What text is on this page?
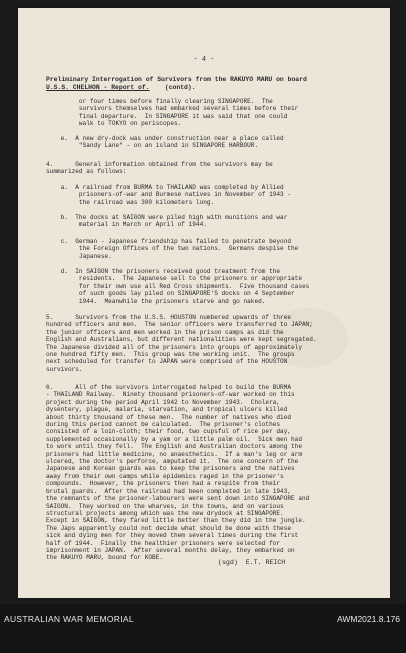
- 4 -
Preliminary Interrogation of Survivors from the RAKUYO MARU on board
U.S.S. CHELHON - Report of.    (contd).
or four times before finally clearing SINGAPORE.  The
survivors themselves had embarked several times before their
final departure.  In SINGAPORE it was said that one could
walk to TOKYO on periscopes.
e.  A new dry-dock was under construction near a place called
"Sandy Lane" - on an island in SINGAPORE HARBOUR.
4.      General information obtained from the survivors may be
summarized as follows:
a.  A railroad from BURMA to THAILAND was completed by Allied
prisoners-of-war and Burmese natives in November of 1943 -
the railroad was 300 kilometers long.
b.  The docks at SAIGON were piled high with munitions and war
material in March or April of 1944.
c.  German - Japanese friendship has failed to penetrate beyond
the Foreign Offices of the two nations.  Germans despise the
Japanese.
d.  In SAIGON the prisoners received good treatment from the
residents.  The Japanese sell to the prisoners or appropriate
for their own use all Red Cross shipments.  Five thousand cases
of such goods lay piled on SINGAPORE'S docks on 4 September
1944.  Meanwhile the prisoners starve and go naked.
5.      Survivors from the U.S.S. HOUSTON numbered upwards of three
hundred officers and men.  The senior officers were transferred to JAPAN;
the junior officers and men worked in the prison camps as did the
English and Australians, but different nationalities were kept segregated.
The Japanese divided all of the prisoners into groups of approximately
one hundred fifty men.  This group was the working unit.  The groups
next scheduled for transfer to JAPAN were comprised of the HOUSTON
survivors.
6.      All of the survivors interrogated helped to build the BURMA
- THAILAND Railway.  Ninety thousand prisoners-of-war worked on this
project during the period April 1942 to November 1943.  Cholera,
dysentery, plague, malaria, starvation, and tropical ulcers killed
about thirty thousand of these men.  The number of natives who died
during this period cannot be calculated.  The prisoner's clothes
consisted of a loin-cloth; their food, two cupsful of rice per day,
supplemented occasionally by a yam or a little palm oil.  Sick men had
to work until they fell.  The English and Australian doctors among the
prisoners had little medicine, no anaesthetics.  If a man's leg or arm
ulcered, the doctor's perforce, amputated it.  The one concern of the
Japanese and Korean guards was to keep the prisoners and the natives
away from their own camps while epidemics raged in the prisoner's
compounds.  However, the prisoners then had a respite from their
brutal guards.  After the railroad had been completed in late 1943,
the remnants of the prisoner-labourers were sent down into SINGAPORE and
SAIGON.  They worked on the wharves, in the towns, and on various
structural projects among which was the new drydock at SINGAPORE.
Except in SAIGON, they fared little better than they did in the jungle.
The Japs apparently could not decide what should be done with these
sick and dying men for they moved them several times during the first
half of 1944.  Finally the healthier prisoners were selected for
imprisonment in JAPAN.  After several months delay, they embarked on
the RAKUYO MARU, bound for KOBE.
(sgd)  E.T. REICH
AUSTRALIAN WAR MEMORIAL	AWM2021.8.176
